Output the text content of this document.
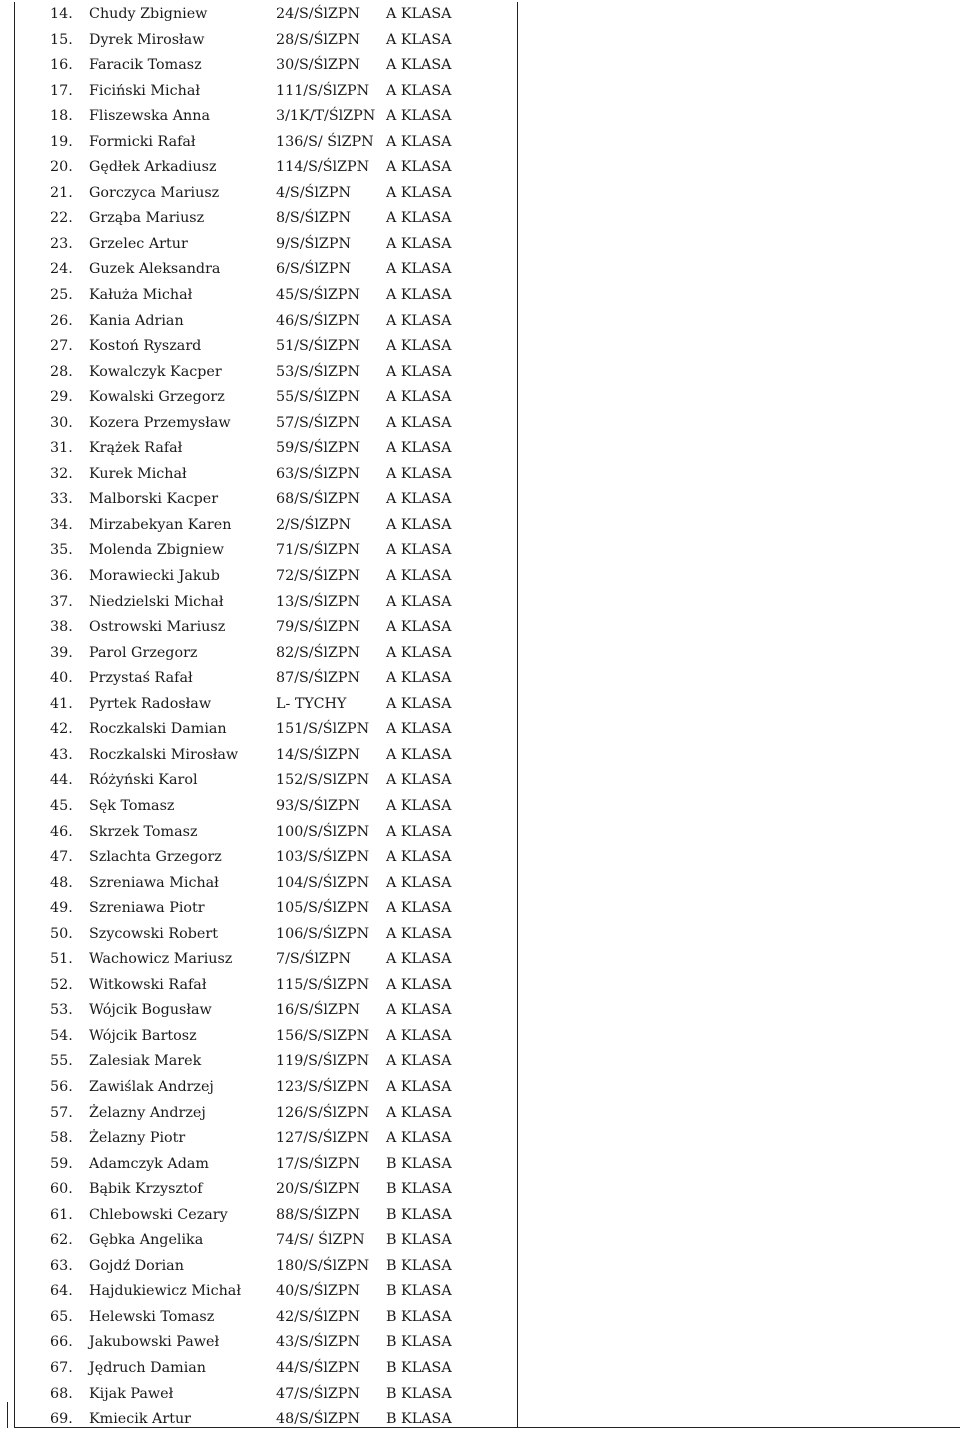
14. Chudy Zbigniew	24/S/ŚlZPN A KLASA
15. Dyrek Mirosław	28/S/ŚlZPN A KLASA
16. Faracik Tomasz	30/S/ŚlZPN A KLASA
17. Ficiński Michał	111/S/ŚlZPN A KLASA
18. Fliszewska Anna	3/1K/T/ŚlZPN A KLASA
19. Formicki Rafał	136/S/ ŚlZPN A KLASA
20. Gędłek Arkadiusz	114/S/ŚlZPN A KLASA
21. Gorczyca Mariusz	4/S/ŚlZPN A KLASA
22. Grząba Mariusz	8/S/ŚlZPN A KLASA
23. Grzelec Artur	9/S/ŚlZPN A KLASA
24. Guzek Aleksandra	6/S/ŚlZPN A KLASA
25. Kałuża Michał	45/S/ŚlZPN A KLASA
26. Kania Adrian	46/S/ŚlZPN A KLASA
27. Kostoń Ryszard	51/S/ŚlZPN A KLASA
28. Kowalczyk Kacper	53/S/ŚlZPN A KLASA
29. Kowalski Grzegorz	55/S/ŚlZPN A KLASA
30. Kozera Przemysław	57/S/ŚlZPN A KLASA
31. Krążek Rafał	59/S/ŚlZPN A KLASA
32. Kurek Michał	63/S/ŚlZPN A KLASA
33. Malborski Kacper	68/S/ŚlZPN A KLASA
34. Mirzabekyan Karen	2/S/ŚlZPN A KLASA
35. Molenda Zbigniew	71/S/ŚlZPN A KLASA
36. Morawiecki Jakub	72/S/ŚlZPN A KLASA
37. Niedzielski Michał	13/S/ŚlZPN A KLASA
38. Ostrowski Mariusz	79/S/ŚlZPN A KLASA
39. Parol Grzegorz	82/S/ŚlZPN A KLASA
40. Przystaś Rafał	87/S/ŚlZPN A KLASA
41. Pyrtek Radosław	L- TYCHY	A KLASA
42. Roczkalski Damian	151/S/ŚlZPN A KLASA
43. Roczkalski Mirosław	14/S/ŚlZPN A KLASA
44. Różyński Karol	152/S/SlZPN A KLASA
45. Sęk Tomasz	93/S/ŚlZPN A KLASA
46. Skrzek Tomasz	100/S/ŚlZPN A KLASA
47. Szlachta Grzegorz	103/S/ŚlZPN A KLASA
48. Szreniawa Michał	104/S/ŚlZPN A KLASA
49. Szreniawa Piotr	105/S/ŚlZPN A KLASA
50. Szycowski Robert	106/S/ŚlZPN A KLASA
51. Wachowicz Mariusz	7/S/ŚlZPN A KLASA
52. Witkowski Rafał	115/S/ŚlZPN A KLASA
53. Wójcik Bogusław	16/S/ŚlZPN A KLASA
54. Wójcik Bartosz	156/S/SlZPN A KLASA
55. Zalesiak Marek	119/S/ŚlZPN A KLASA
56. Zawiślak Andrzej	123/S/ŚlZPN A KLASA
57. Żelazny Andrzej	126/S/ŚlZPN A KLASA
58. Żelazny Piotr	127/S/ŚlZPN A KLASA
59. Adamczyk Adam	17/S/ŚlZPN B KLASA
60. Bąbik Krzysztof	20/S/ŚlZPN B KLASA
61. Chlebowski Cezary	88/S/ŚlZPN B KLASA
62. Gębka Angelika	74/S/ ŚlZPN B KLASA
63. Gojdź Dorian	180/S/ŚlZPN B KLASA
64. Hajdukiewicz Michał 40/S/ŚlZPN B KLASA
65. Helewski Tomasz	42/S/ŚlZPN B KLASA
66. Jakubowski Paweł	43/S/ŚlZPN B KLASA
67. Jędruch Damian	44/S/ŚlZPN B KLASA
68. Kijak Paweł	47/S/ŚlZPN B KLASA
69. Kmiecik Artur	48/S/ŚlZPN B KLASA
